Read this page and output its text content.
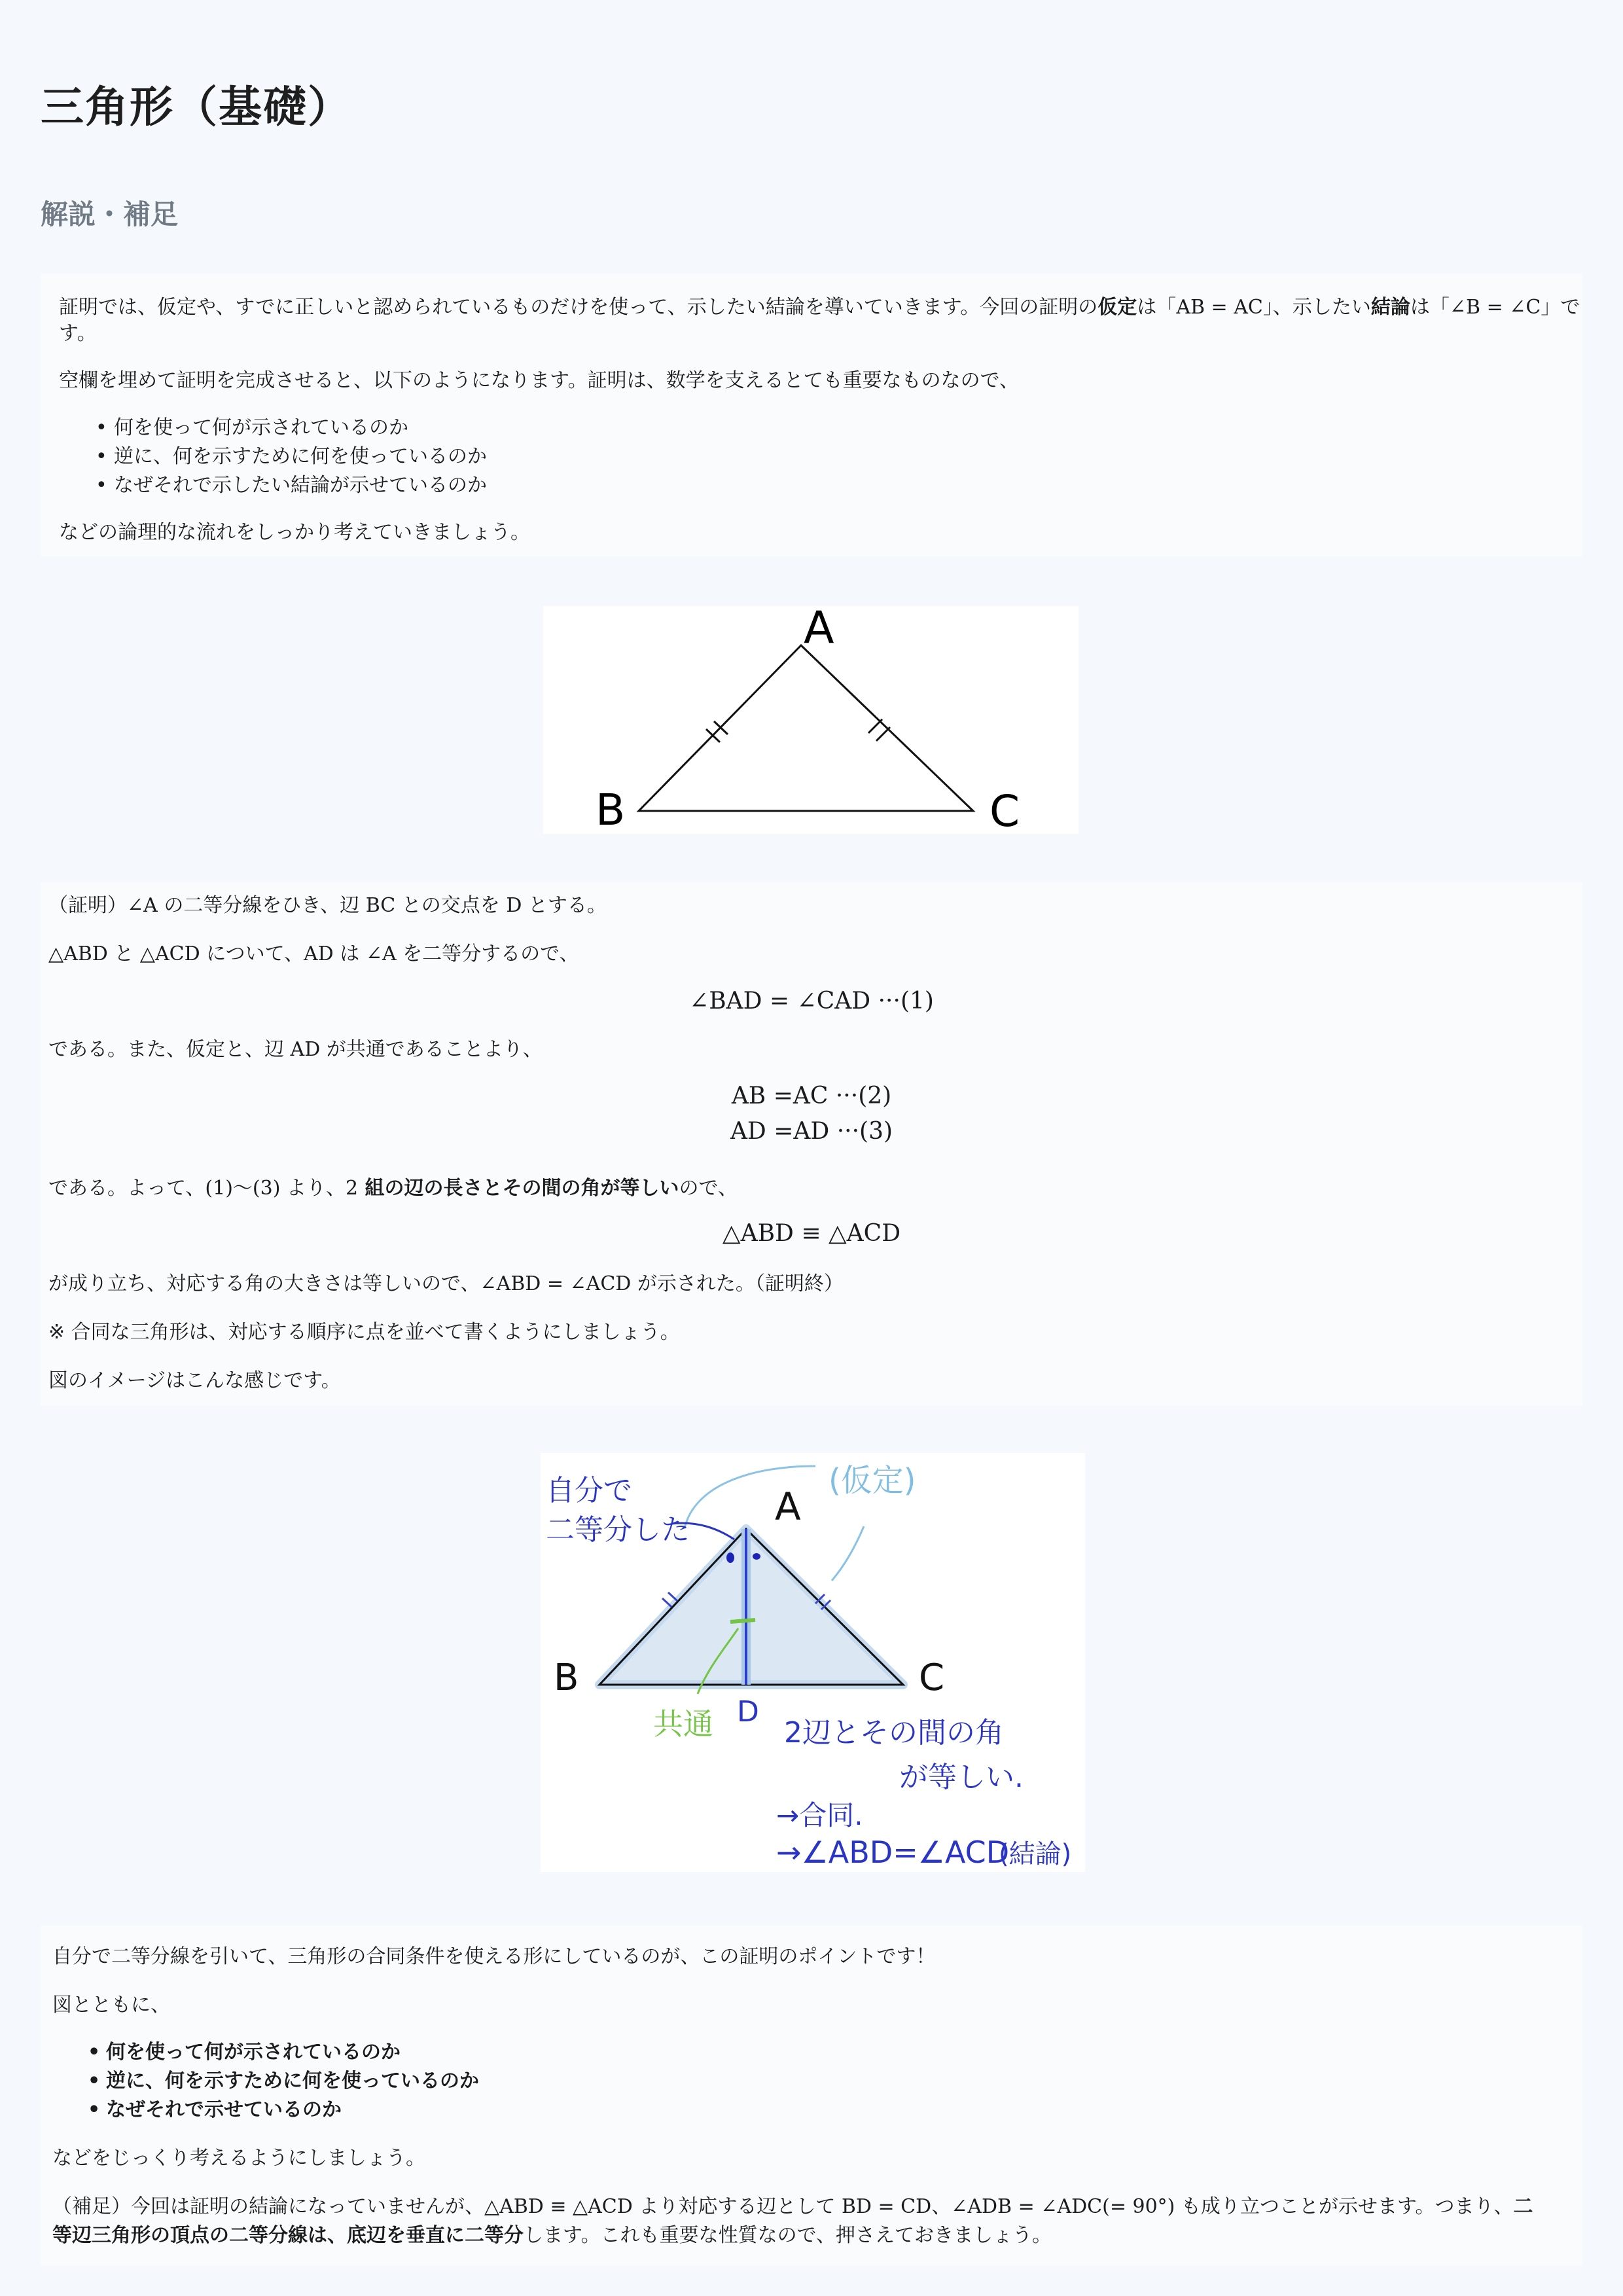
三角形（基礎）
解説・補足

証明では、仮定や、すでに正しいと認められているものだけを使って、示したい結論を導いていきます。今回の証明の仮定は「AB = AC」、示したい結論は「∠B = ∠C」で

す。

空欄を埋めて証明を完成させると、以下のようになります。証明は、数学を支えるとても重要なものなので、

• 何を使って何が示されているのか

• 逆に、何を示すために何を使っているのか

• なぜそれで示したい結論が示せているのか

などの論理的な流れをしっかり考えていきましょう。

A
B	C

（証明）∠A の二等分線をひき、辺 BC との交点を D とする。

△ABD と △ACD について、AD は ∠A を二等分するので、

∠BAD = ∠CAD ···(1)

である。また、仮定と、辺 AD が共通であることより、

AB =AC ···(2)
AD =AD ···(3)

である。よって、(1)〜(3) より、2 組の辺の長さとその間の角が等しいので、

△ABD ≡ △ACD

が成り立ち、対応する角の大きさは等しいので、∠ABD = ∠ACD が示された。（証明終）

※ 合同な三角形は、対応する順序に点を並べて書くようにしましょう。

図のイメージはこんな感じです。

A
B	C
D
自分で
二等分した
(仮定)
共通 2辺とその間の角
が等しい.
→合同.
→∠ABD=∠ACD
(結論)

自分で二等分線を引いて、三角形の合同条件を使える形にしているのが、この証明のポイントです！

図とともに、

• 何を使って何が示されているのか

• 逆に、何を示すために何を使っているのか

• なぜそれで示せているのか

などをじっくり考えるようにしましょう。

（補足）今回は証明の結論になっていませんが、△ABD ≡ △ACD より対応する辺として BD = CD、∠ADB = ∠ADC(= 90°) も成り立つことが示せます。つまり、二

等辺三角形の頂点の二等分線は、底辺を垂直に二等分します。これも重要な性質なので、押さえておきましょう。
